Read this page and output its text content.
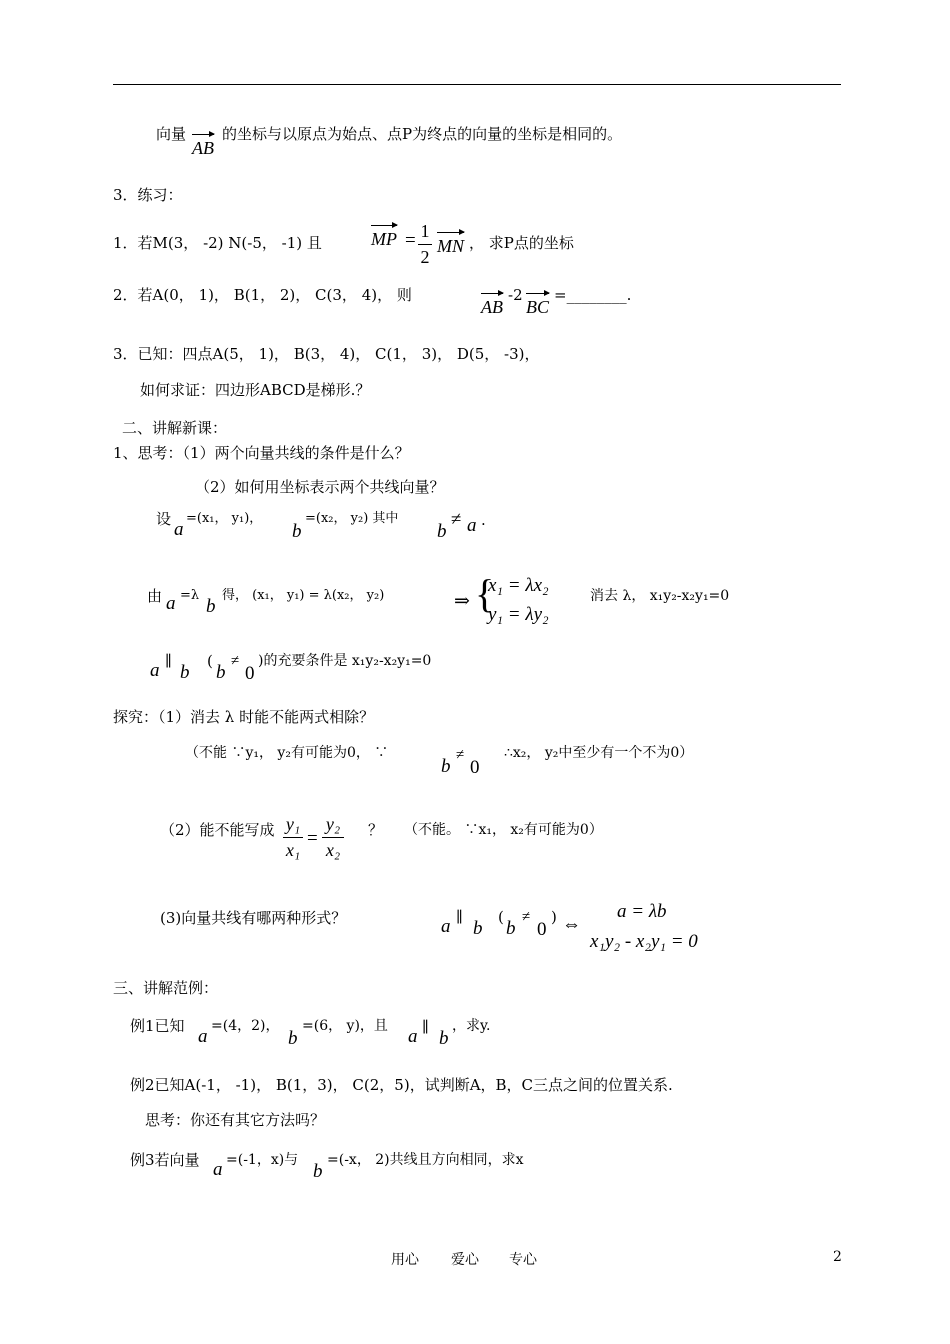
向量 的坐标与以原点为始点、点P为终点的向量的坐标是相同的。
AB
3．练习：
1．若M(3， -2) N(-5， -1) 且	MP = 1
2
MN ， 求P点的坐标
2．若A(0， 1)， B(1， 2)， C(3， 4)， 则
AB
-2
BC
=________.
3．已知：四点A(5， 1)， B(3， 4)， C(1， 3)， D(5， -3)，
如何求证：四边形ABCD是梯形.？
二、讲解新课：
1、思考：（1）两个向量共线的条件是什么？
（2）如何用坐标表示两个共线向量？
设 a
=(x₁， y₁)，
b
=(x₂， y₂) 其中
b
≠ a .
由 a =λ
b
得， (x₁， y₁) = λ(x₂， y₂)	⇒ {
x₁ = λx₂
y₁ = λy₂
消去 λ， x₁y₂-x₂y₁=0
a ∥ b
(
b
≠
0
)的充要条件是 x₁y₂-x₂y₁=0
探究：（1）消去 λ 时能不能两式相除？
（不能 ∵y₁， y₂有可能为0， ∵
b
≠
0
∴x₂， y₂中至少有一个不为0）
（2）能不能写成 y₁
x₁
=
y₂
x₂
？ （不能。 ∵x₁， x₂有可能为0）
(3)向量共线有哪两种形式？	a ∥ b
(
b
≠
0
) ⇔
a = λb
x₁y₂ - x₂y₁ = 0
三、讲解范例：
例1已知 a =(4，2)，
b
=(6， y)，且 a ∥ b
，求y.
例2已知A(-1， -1)， B(1，3)， C(2，5)，试判断A，B，C三点之间的位置关系.
思考：你还有其它方法吗？
例3若向量 a =(-1，x)与
b
=(-x， 2)共线且方向相同，求x
用心 爱心 专心	2
